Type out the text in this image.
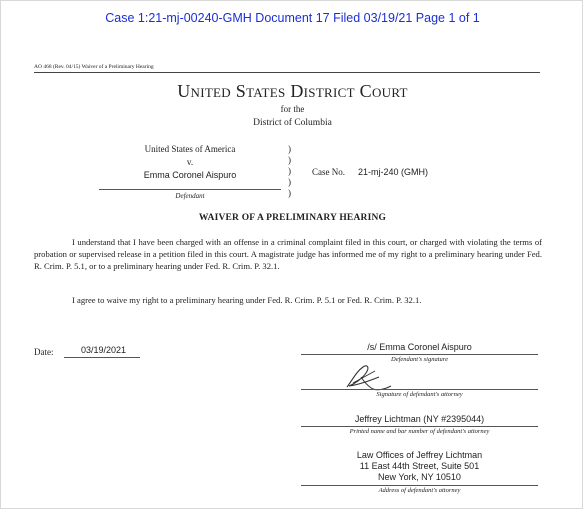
Case 1:21-mj-00240-GMH Document 17 Filed 03/19/21 Page 1 of 1
AO 468 (Rev. 04/15) Waiver of a Preliminary Hearing
United States District Court
for the
District of Columbia
United States of America
v.
Emma Coronel Aispuro
Defendant
)
)
)
)
)
Case No. 21-mj-240 (GMH)
WAIVER OF A PRELIMINARY HEARING
I understand that I have been charged with an offense in a criminal complaint filed in this court, or charged with violating the terms of probation or supervised release in a petition filed in this court. A magistrate judge has informed me of my right to a preliminary hearing under Fed. R. Crim. P. 5.1, or to a preliminary hearing under Fed. R. Crim. P. 32.1.
I agree to waive my right to a preliminary hearing under Fed. R. Crim. P. 5.1 or Fed. R. Crim. P. 32.1.
Date:	03/19/2021	/s/ Emma Coronel Aispuro
Defendant's signature
Signature of defendant's attorney
Jeffrey Lichtman (NY #2395044)
Printed name and bar number of defendant's attorney
Law Offices of Jeffrey Lichtman
11 East 44th Street, Suite 501
New York, NY 10510
Address of defendant's attorney
